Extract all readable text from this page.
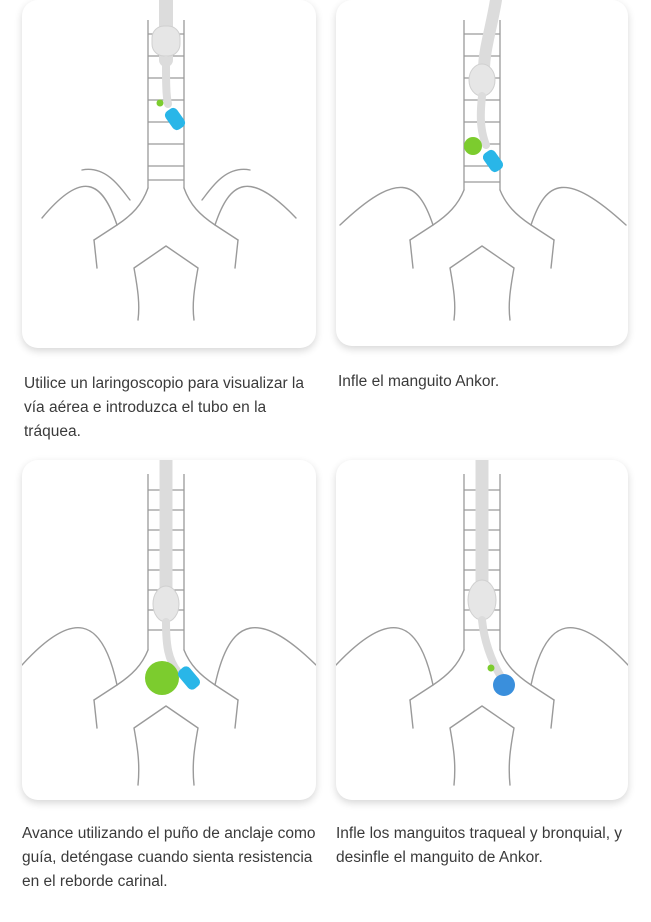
Utilice un laringoscopio para visualizar la vía aérea e introduzca el tubo en la tráquea.
Infle el manguito Ankor.
Avance utilizando el puño de anclaje como guía, deténgase cuando sienta resistencia en el reborde carinal.
Infle los manguitos traqueal y bronquial, y desinfle el manguito de Ankor.
